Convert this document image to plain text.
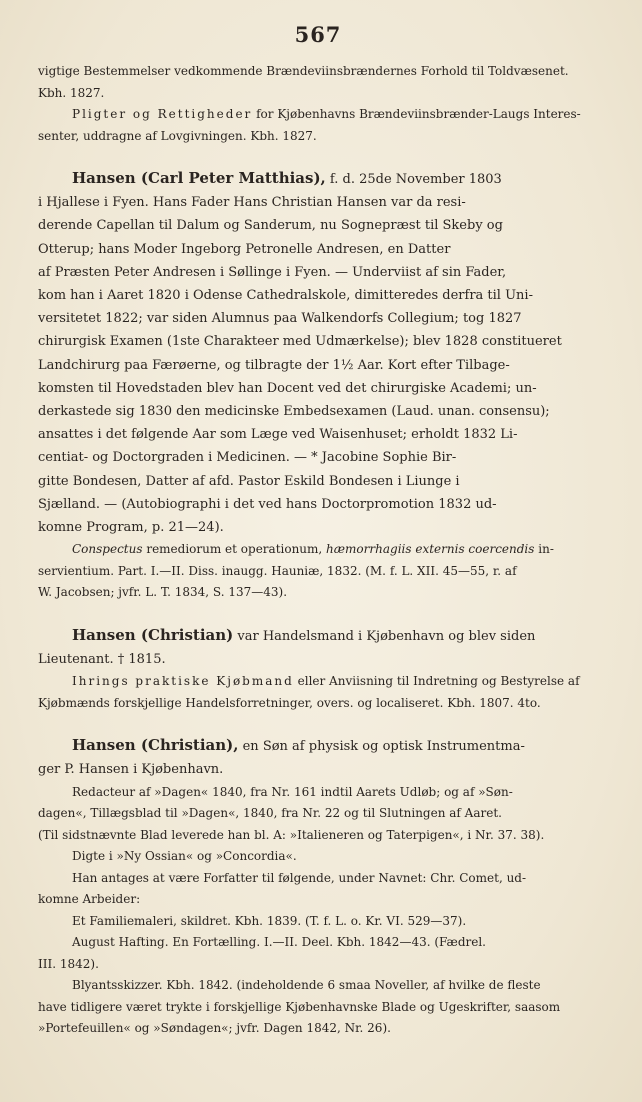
567

vigtige Bestemmelser vedkommende Brændeviinsbrændernes Forhold til Toldvæsenet.

Kbh. 1827.

Pligter og Rettigheder for Kjøbenhavns Brændeviinsbrænder-Laugs Interes-

senter, uddragne af Lovgivningen. Kbh. 1827.

Hansen (Carl Peter Matthias), f. d. 25de November 1803

i Hjallese i Fyen. Hans Fader Hans Christian Hansen var da resi-

derende Capellan til Dalum og Sanderum, nu Sognepræst til Skeby og

Otterup; hans Moder Ingeborg Petronelle Andresen, en Datter

af Præsten Peter Andresen i Søllinge i Fyen. — Underviist af sin Fader,

kom han i Aaret 1820 i Odense Cathedralskole, dimitteredes derfra til Uni-

versitetet 1822; var siden Alumnus paa Walkendorfs Collegium; tog 1827

chirurgisk Examen (1ste Charakteer med Udmærkelse); blev 1828 constitueret

Landchirurg paa Færøerne, og tilbragte der 1½ Aar. Kort efter Tilbage-

komsten til Hovedstaden blev han Docent ved det chirurgiske Academi; un-

derkastede sig 1830 den medicinske Embedsexamen (Laud. unan. consensu);

ansattes i det følgende Aar som Læge ved Waisenhuset; erholdt 1832 Li-

centiat- og Doctorgraden i Medicinen. — * Jacobine Sophie Bir-

gitte Bondesen, Datter af afd. Pastor Eskild Bondesen i Liunge i

Sjælland. — (Autobiographi i det ved hans Doctorpromotion 1832 ud-

komne Program, p. 21—24).

Conspectus remediorum et operationum, hæmorrhagiis externis coercendis in-

servientium. Part. I.—II. Diss. inaugg. Hauniæ, 1832. (M. f. L. XII. 45—55, r. af

W. Jacobsen; jvfr. L. T. 1834, S. 137—43).

Hansen (Christian) var Handelsmand i Kjøbenhavn og blev siden

Lieutenant. † 1815.

Ihrings praktiske Kjøbmand eller Anviisning til Indretning og Bestyrelse af

Kjøbmænds forskjellige Handelsforretninger, overs. og localiseret. Kbh. 1807. 4to.

Hansen (Christian), en Søn af physisk og optisk Instrumentma-

ger P. Hansen i Kjøbenhavn.

Redacteur af »Dagen« 1840, fra Nr. 161 indtil Aarets Udløb; og af »Søn-

dagen«, Tillægsblad til »Dagen«, 1840, fra Nr. 22 og til Slutningen af Aaret.

(Til sidstnævnte Blad leverede han bl. A: »Italieneren og Taterpigen«, i Nr. 37. 38).

Digte i »Ny Ossian« og »Concordia«.

Han antages at være Forfatter til følgende, under Navnet: Chr. Comet, ud-

komne Arbeider:

Et Familiemaleri, skildret. Kbh. 1839. (T. f. L. o. Kr. VI. 529—37).

August Hafting. En Fortælling. I.—II. Deel. Kbh. 1842—43. (Fædrel.

III. 1842).

Blyantsskizzer. Kbh. 1842. (indeholdende 6 smaa Noveller, af hvilke de fleste

have tidligere været trykte i forskjellige Kjøbenhavnske Blade og Ugeskrifter, saasom

»Portefeuillen« og »Søndagen«; jvfr. Dagen 1842, Nr. 26).
